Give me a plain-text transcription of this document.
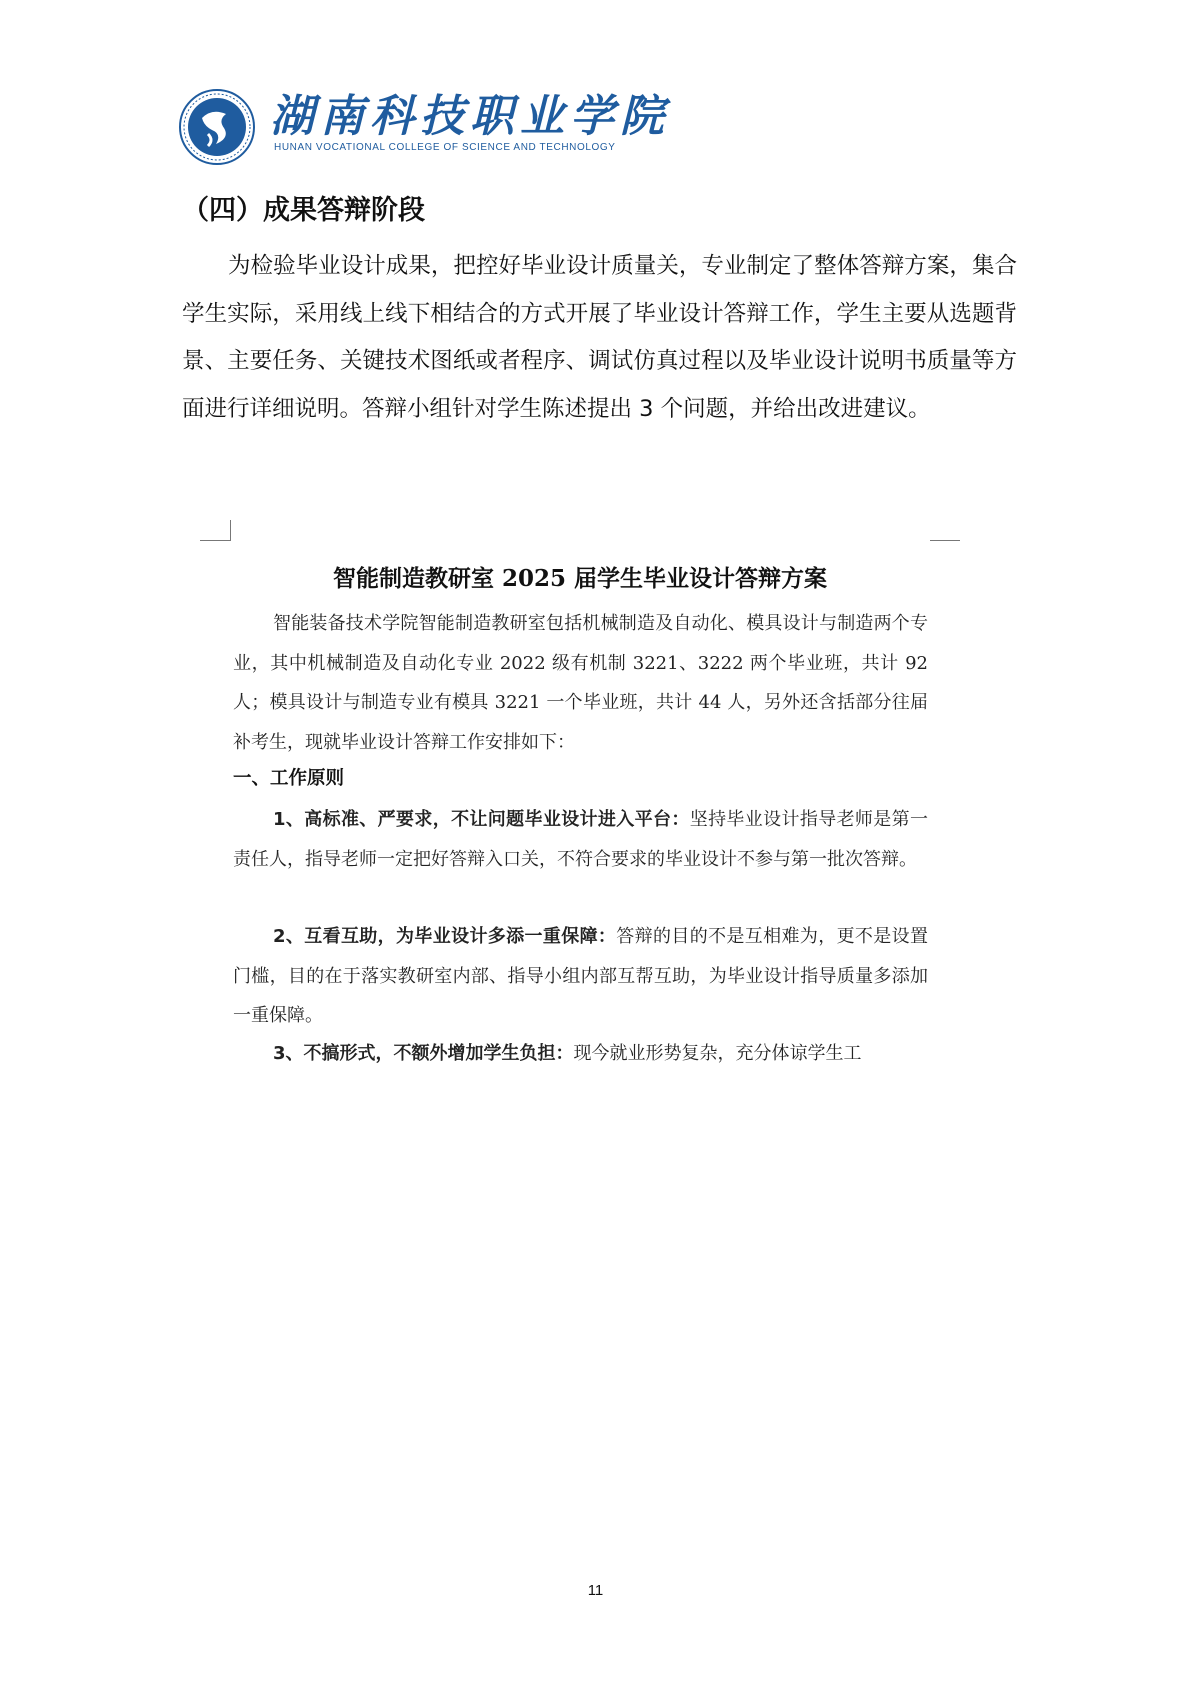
湖南科技职业学院
HUNAN VOCATIONAL COLLEGE OF SCIENCE AND TECHNOLOGY
（四）成果答辩阶段

为检验毕业设计成果，把控好毕业设计质量关，专业制定了整体答辩方案，集合学生实际，采用线上线下相结合的方式开展了毕业设计答辩工作，学生主要从选题背景、主要任务、关键技术图纸或者程序、调试仿真过程以及毕业设计说明书质量等方面进行详细说明。答辩小组针对学生陈述提出 3 个问题，并给出改进建议。

智能制造教研室 2025 届学生毕业设计答辩方案

智能装备技术学院智能制造教研室包括机械制造及自动化、模具设计与制造两个专业，其中机械制造及自动化专业 2022 级有机制 3221、3222 两个毕业班，共计 92 人；模具设计与制造专业有模具 3221 一个毕业班，共计 44 人，另外还含括部分往届补考生，现就毕业设计答辩工作安排如下：

一、工作原则

1、高标准、严要求，不让问题毕业设计进入平台：坚持毕业设计指导老师是第一责任人，指导老师一定把好答辩入口关，不符合要求的毕业设计不参与第一批次答辩。

2、互看互助，为毕业设计多添一重保障：答辩的目的不是互相难为，更不是设置门槛，目的在于落实教研室内部、指导小组内部互帮互助，为毕业设计指导质量多添加一重保障。

3、不搞形式，不额外增加学生负担：现今就业形势复杂，充分体谅学生工

11
